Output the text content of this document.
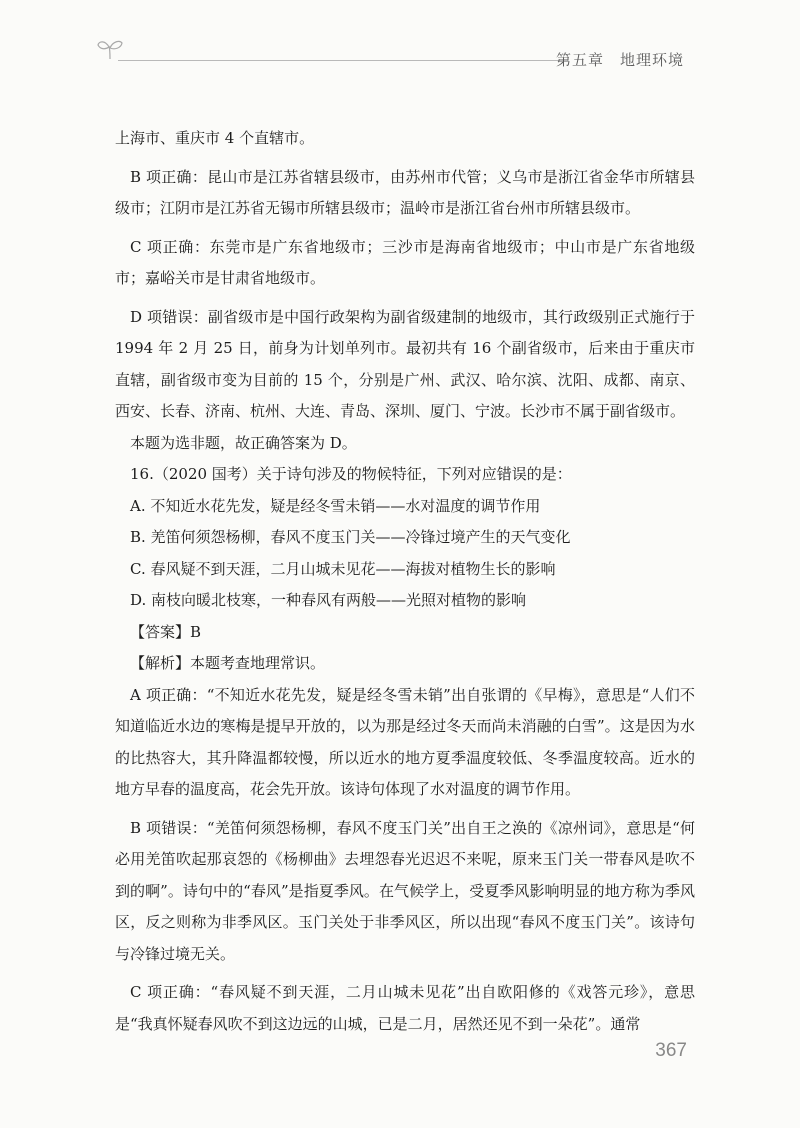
第五章　地理环境

上海市、重庆市 4 个直辖市。

B 项正确：昆山市是江苏省辖县级市，由苏州市代管；义乌市是浙江省金华市所辖县级市；江阴市是江苏省无锡市所辖县级市；温岭市是浙江省台州市所辖县级市。

C 项正确：东莞市是广东省地级市；三沙市是海南省地级市；中山市是广东省地级市；嘉峪关市是甘肃省地级市。

D 项错误：副省级市是中国行政架构为副省级建制的地级市，其行政级别正式施行于 1994 年 2 月 25 日，前身为计划单列市。最初共有 16 个副省级市，后来由于重庆市直辖，副省级市变为目前的 15 个，分别是广州、武汉、哈尔滨、沈阳、成都、南京、西安、长春、济南、杭州、大连、青岛、深圳、厦门、宁波。长沙市不属于副省级市。

本题为选非题，故正确答案为 D。

16.（2020 国考）关于诗句涉及的物候特征，下列对应错误的是：

A. 不知近水花先发，疑是经冬雪未销——水对温度的调节作用

B. 羌笛何须怨杨柳，春风不度玉门关——冷锋过境产生的天气变化

C. 春风疑不到天涯，二月山城未见花——海拔对植物生长的影响

D. 南枝向暖北枝寒，一种春风有两般——光照对植物的影响

【答案】B

【解析】本题考查地理常识。

A 项正确：“不知近水花先发，疑是经冬雪未销”出自张谓的《早梅》，意思是“人们不知道临近水边的寒梅是提早开放的，以为那是经过冬天而尚未消融的白雪”。这是因为水的比热容大，其升降温都较慢，所以近水的地方夏季温度较低、冬季温度较高。近水的地方早春的温度高，花会先开放。该诗句体现了水对温度的调节作用。

B 项错误：“羌笛何须怨杨柳，春风不度玉门关”出自王之涣的《凉州词》，意思是“何必用羌笛吹起那哀怨的《杨柳曲》去埋怨春光迟迟不来呢，原来玉门关一带春风是吹不到的啊”。诗句中的“春风”是指夏季风。在气候学上，受夏季风影响明显的地方称为季风区，反之则称为非季风区。玉门关处于非季风区，所以出现“春风不度玉门关”。该诗句与冷锋过境无关。

C 项正确：“春风疑不到天涯，二月山城未见花”出自欧阳修的《戏答元珍》，意思是“我真怀疑春风吹不到这边远的山城，已是二月，居然还见不到一朵花”。通常

367
